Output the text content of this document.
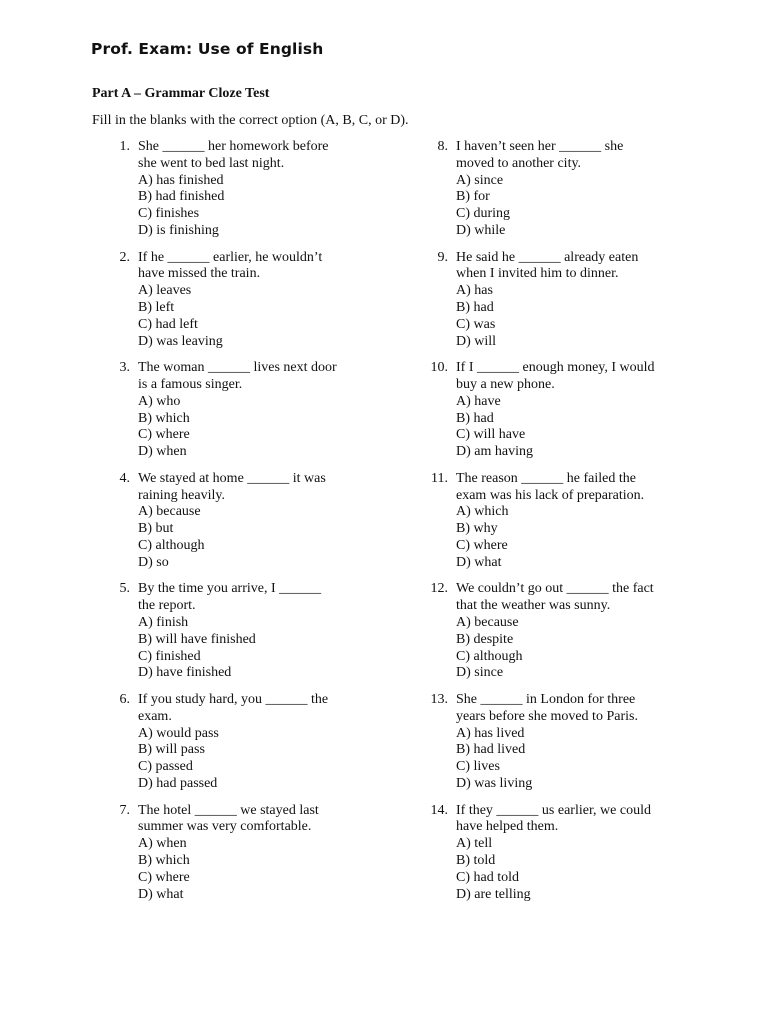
Prof. Exam: Use of English
Part A – Grammar Cloze Test
Fill in the blanks with the correct option (A, B, C, or D).
1. She ______ her homework before
she went to bed last night.
A) has finished
B) had finished
C) finishes
D) is finishing
2. If he ______ earlier, he wouldn’t
have missed the train.
A) leaves
B) left
C) had left
D) was leaving
3. The woman ______ lives next door
is a famous singer.
A) who
B) which
C) where
D) when
4. We stayed at home ______ it was
raining heavily.
A) because
B) but
C) although
D) so
5. By the time you arrive, I ______
the report.
A) finish
B) will have finished
C) finished
D) have finished
6. If you study hard, you ______ the
exam.
A) would pass
B) will pass
C) passed
D) had passed
7. The hotel ______ we stayed last
summer was very comfortable.
A) when
B) which
C) where
D) what
8. I haven’t seen her ______ she
moved to another city.
A) since
B) for
C) during
D) while
9. He said he ______ already eaten
when I invited him to dinner.
A) has
B) had
C) was
D) will
10. If I ______ enough money, I would
buy a new phone.
A) have
B) had
C) will have
D) am having
11. The reason ______ he failed the
exam was his lack of preparation.
A) which
B) why
C) where
D) what
12. We couldn’t go out ______ the fact
that the weather was sunny.
A) because
B) despite
C) although
D) since
13. She ______ in London for three
years before she moved to Paris.
A) has lived
B) had lived
C) lives
D) was living
14. If they ______ us earlier, we could
have helped them.
A) tell
B) told
C) had told
D) are telling
